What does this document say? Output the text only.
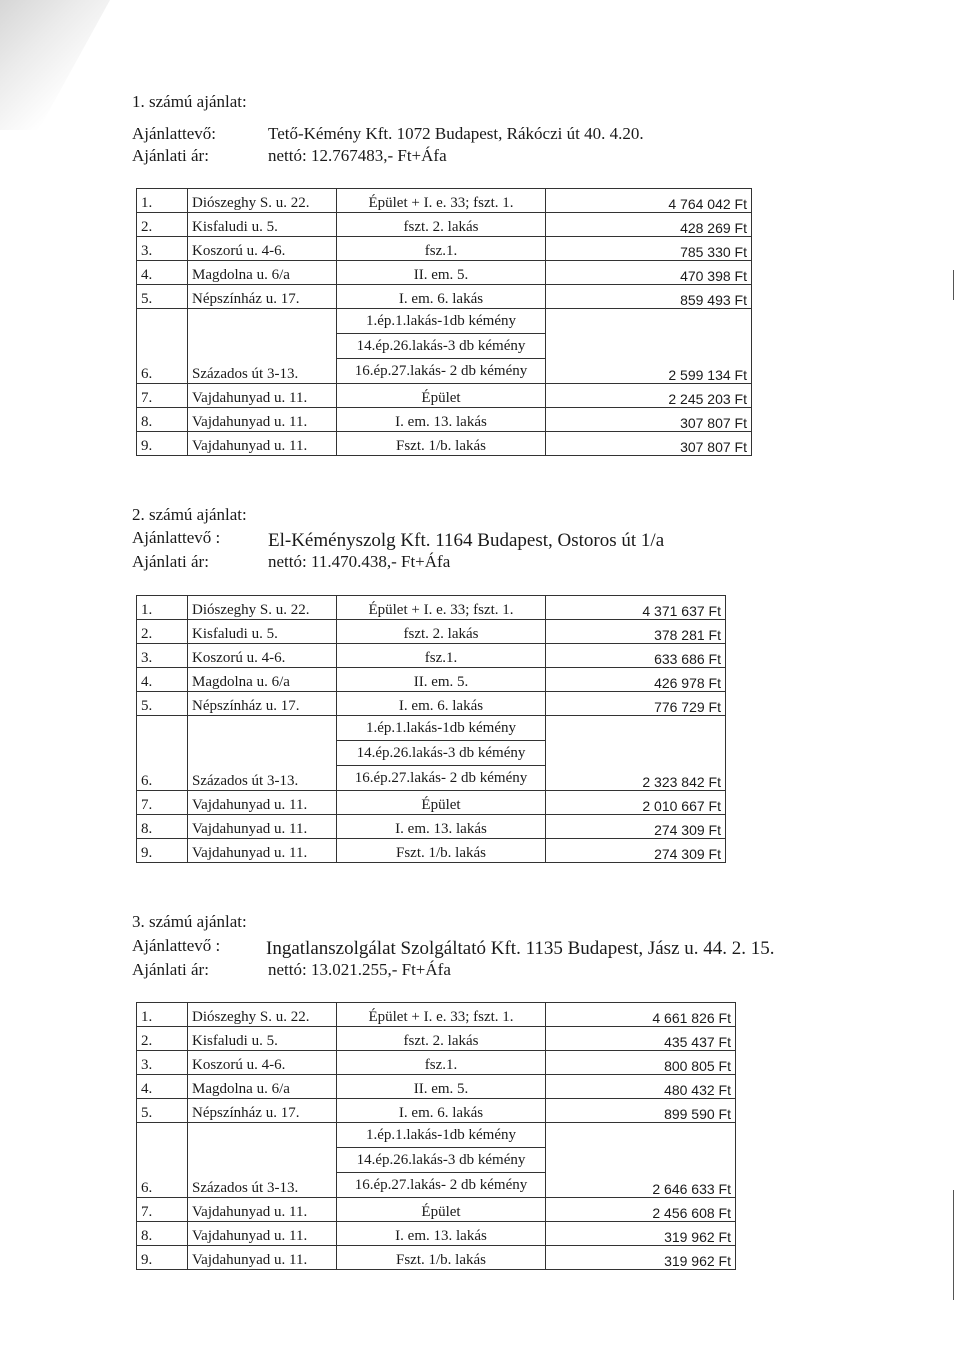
1. számú ajánlat:
Ajánlattevő:	Tető-Kémény Kft. 1072 Budapest, Rákóczi út 40. 4.20.
Ajánlati ár:	nettó: 12.767483,- Ft+Áfa
1.	Diószeghy S. u. 22.	Épület + I. e. 33; fszt. 1.	4 764 042 Ft
2.	Kisfaludi u. 5.	fszt. 2. lakás	428 269 Ft
3.	Koszorú u. 4-6.	fsz.1.	785 330 Ft
4.	Magdolna u. 6/a	II. em. 5.	470 398 Ft
5.	Népszínház u. 17.	I. em. 6. lakás	859 493 Ft
6.	Százados út 3-13.	1.ép.1.lakás-1db kémény
14.ép.26.lakás-3 db kémény
16.ép.27.lakás- 2 db kémény	2 599 134 Ft
7.	Vajdahunyad u. 11.	Épület	2 245 203 Ft
8.	Vajdahunyad u. 11.	I. em. 13. lakás	307 807 Ft
9.	Vajdahunyad u. 11.	Fszt. 1/b. lakás	307 807 Ft
2. számú ajánlat:
Ajánlattevő :	El-Kéményszolg Kft. 1164 Budapest, Ostoros út 1/a
Ajánlati ár:	nettó: 11.470.438,- Ft+Áfa
1.	Diószeghy S. u. 22.	Épület + I. e. 33; fszt. 1.	4 371 637 Ft
2.	Kisfaludi u. 5.	fszt. 2. lakás	378 281 Ft
3.	Koszorú u. 4-6.	fsz.1.	633 686 Ft
4.	Magdolna u. 6/a	II. em. 5.	426 978 Ft
5.	Népszínház u. 17.	I. em. 6. lakás	776 729 Ft
6.	Százados út 3-13.	1.ép.1.lakás-1db kémény
14.ép.26.lakás-3 db kémény
16.ép.27.lakás- 2 db kémény	2 323 842 Ft
7.	Vajdahunyad u. 11.	Épület	2 010 667 Ft
8.	Vajdahunyad u. 11.	I. em. 13. lakás	274 309 Ft
9.	Vajdahunyad u. 11.	Fszt. 1/b. lakás	274 309 Ft
3. számú ajánlat:
Ajánlattevő : Ingatlanszolgálat Szolgáltató Kft. 1135 Budapest, Jász u. 44. 2. 15.
Ajánlati ár:	nettó: 13.021.255,- Ft+Áfa
1.	Diószeghy S. u. 22.	Épület + I. e. 33; fszt. 1.	4 661 826 Ft
2.	Kisfaludi u. 5.	fszt. 2. lakás	435 437 Ft
3.	Koszorú u. 4-6.	fsz.1.	800 805 Ft
4.	Magdolna u. 6/a	II. em. 5.	480 432 Ft
5.	Népszínház u. 17.	I. em. 6. lakás	899 590 Ft
6.	Százados út 3-13.	1.ép.1.lakás-1db kémény
14.ép.26.lakás-3 db kémény
16.ép.27.lakás- 2 db kémény	2 646 633 Ft
7.	Vajdahunyad u. 11.	Épület	2 456 608 Ft
8.	Vajdahunyad u. 11.	I. em. 13. lakás	319 962 Ft
9.	Vajdahunyad u. 11.	Fszt. 1/b. lakás	319 962 Ft
